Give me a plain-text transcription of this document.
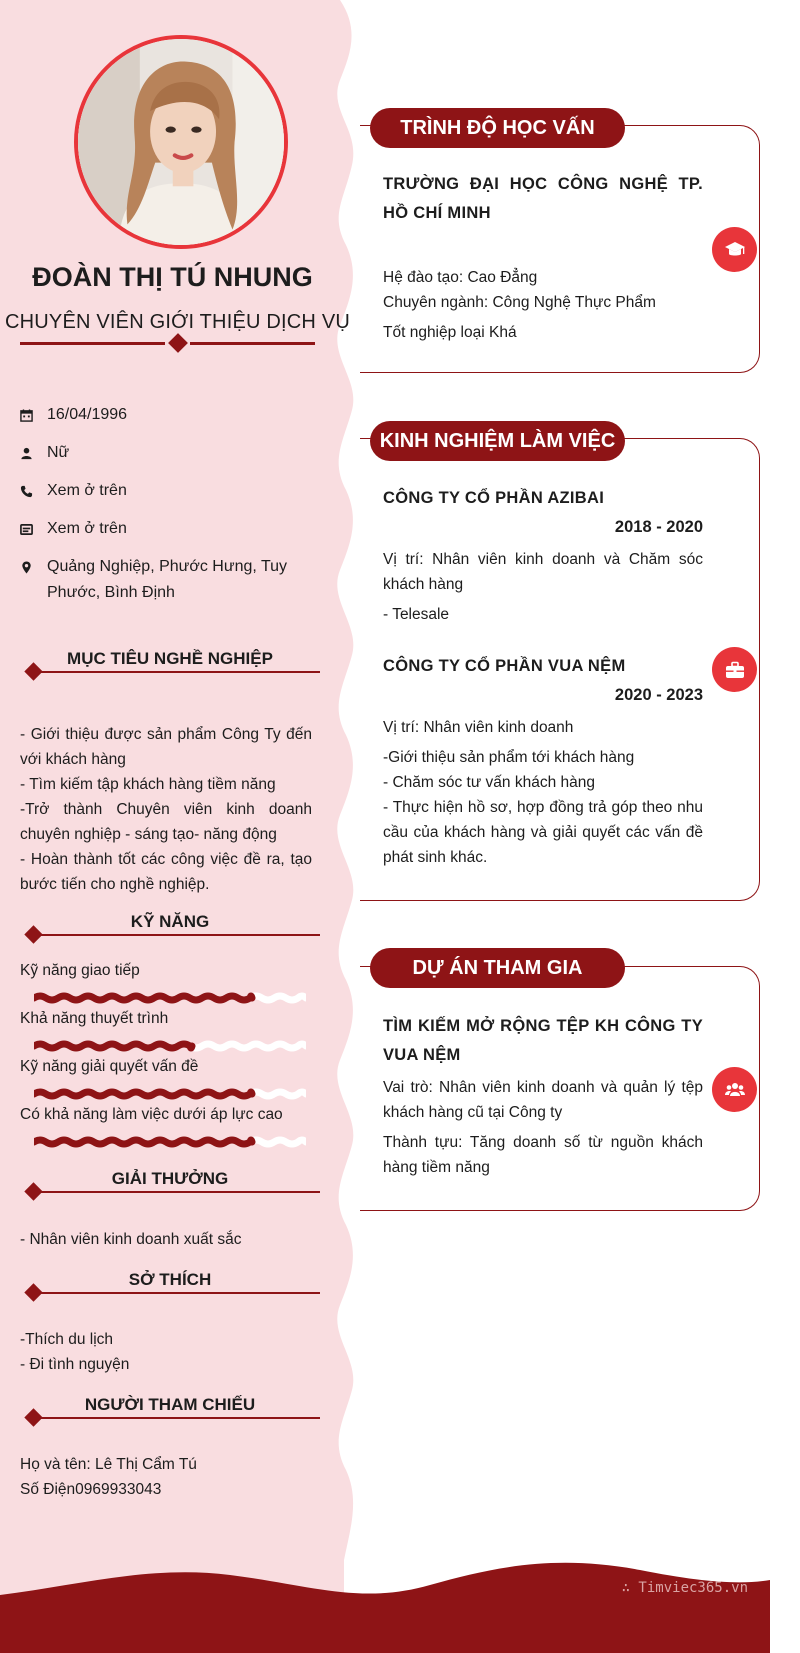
ĐOÀN THỊ TÚ NHUNG
CHUYÊN VIÊN GIỚI THIỆU DỊCH VỤ
16/04/1996
Nữ
Xem ở trên
Xem ở trên
Quảng Nghiệp, Phước Hưng, Tuy
Phước, Bình Định
MỤC TIÊU NGHỀ NGHIỆP
- Giới thiệu được sản phẩm Công Ty đến với khách hàng
- Tìm kiếm tập khách hàng tiềm năng
-Trở thành Chuyên viên kinh doanh chuyên nghiệp - sáng tạo- năng động
- Hoàn thành tốt các công việc đề ra, tạo bước tiến cho nghề nghiệp.
KỸ NĂNG
Kỹ năng giao tiếp
Khả năng thuyết trình
Kỹ năng giải quyết vấn đề
Có khả năng làm việc dưới áp lực cao
GIẢI THƯỞNG
- Nhân viên kinh doanh xuất sắc
SỞ THÍCH
-Thích du lịch
- Đi tình nguyện
NGƯỜI THAM CHIẾU
Họ và tên: Lê Thị Cẩm Tú
Số Điện0969933043
TRÌNH ĐỘ HỌC VẤN
TRƯỜNG ĐẠI HỌC CÔNG NGHỆ TP. HỒ CHÍ MINH
Hệ đào tạo: Cao Đẳng
Chuyên ngành: Công Nghệ Thực Phẩm
Tốt nghiệp loại Khá
KINH NGHIỆM LÀM VIỆC
CÔNG TY CỔ PHẦN AZIBAI
2018 - 2020
Vị trí: Nhân viên kinh doanh và Chăm sóc khách hàng
- Telesale
CÔNG TY CỔ PHẦN VUA NỆM
2020 - 2023
Vị trí: Nhân viên kinh doanh
-Giới thiệu sản phẩm tới khách hàng
- Chăm sóc tư vấn khách hàng
- Thực hiện hồ sơ, hợp đồng trả góp theo nhu cầu của khách hàng và giải quyết các vấn đề phát sinh khác.
DỰ ÁN THAM GIA
TÌM KIẾM MỞ RỘNG TỆP KH CÔNG TY VUA NỆM
Vai trò: Nhân viên kinh doanh và quản lý tệp khách hàng cũ tại Công ty
Thành tựu: Tăng doanh số từ nguồn khách hàng tiềm năng
∴ Timviec365.vn
